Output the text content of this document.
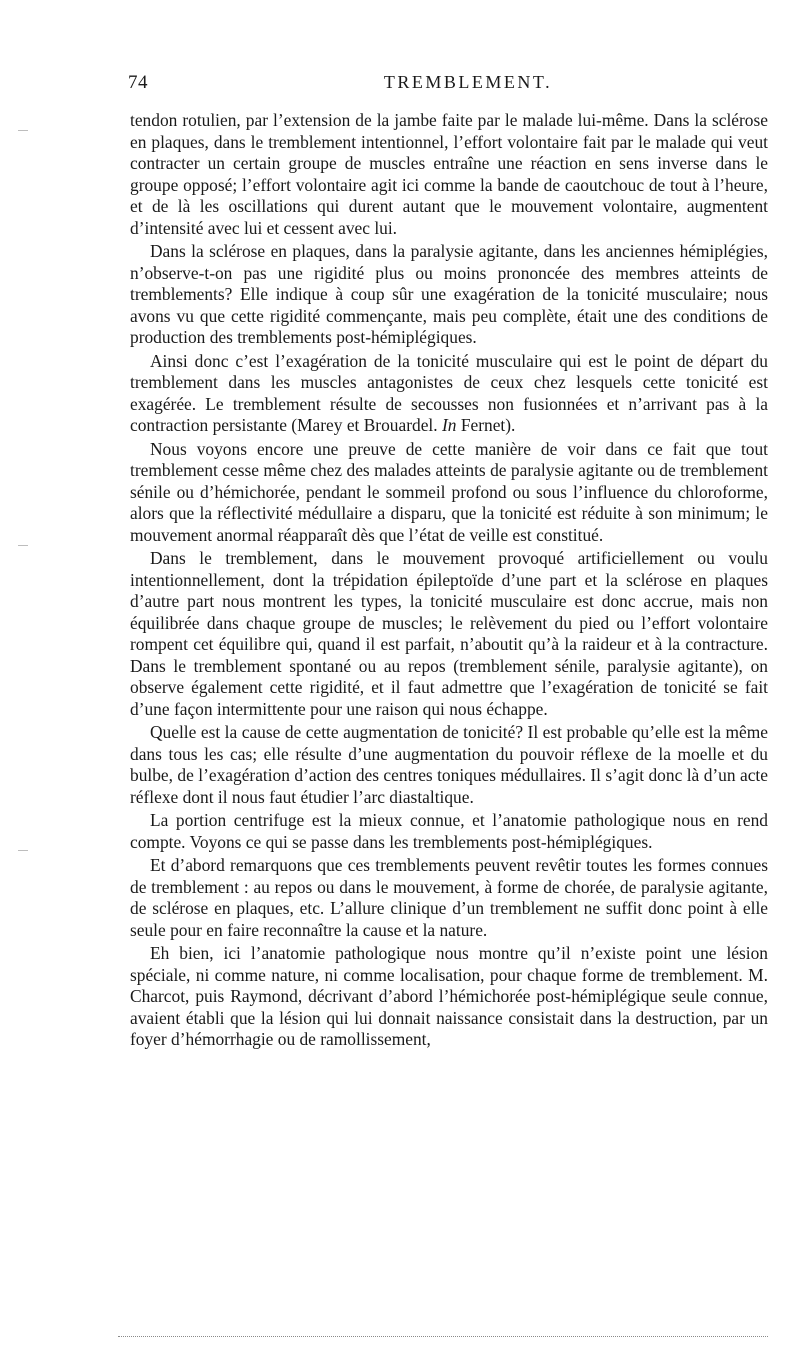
74	TREMBLEMENT.

tendon rotulien, par l’extension de la jambe faite par le malade lui-même. Dans la sclérose en plaques, dans le tremblement intentionnel, l’effort volontaire fait par le malade qui veut contracter un certain groupe de muscles entraîne une réaction en sens inverse dans le groupe opposé; l’effort volontaire agit ici comme la bande de caoutchouc de tout à l’heure, et de là les oscillations qui durent autant que le mouvement volontaire, augmentent d’intensité avec lui et cessent avec lui.

Dans la sclérose en plaques, dans la paralysie agitante, dans les anciennes hémiplégies, n’observe-t-on pas une rigidité plus ou moins prononcée des membres atteints de tremblements? Elle indique à coup sûr une exagération de la tonicité musculaire; nous avons vu que cette rigidité commençante, mais peu complète, était une des conditions de production des tremblements post-hémiplégiques.

Ainsi donc c’est l’exagération de la tonicité musculaire qui est le point de départ du tremblement dans les muscles antagonistes de ceux chez lesquels cette tonicité est exagérée. Le tremblement résulte de secousses non fusionnées et n’arrivant pas à la contraction persistante (Marey et Brouardel. In Fernet).

Nous voyons encore une preuve de cette manière de voir dans ce fait que tout tremblement cesse même chez des malades atteints de paralysie agitante ou de tremblement sénile ou d’hémichorée, pendant le sommeil profond ou sous l’influence du chloroforme, alors que la réflectivité médullaire a disparu, que la tonicité est réduite à son minimum; le mouvement anormal réapparaît dès que l’état de veille est constitué.

Dans le tremblement, dans le mouvement provoqué artificiellement ou voulu intentionnellement, dont la trépidation épileptoïde d’une part et la sclérose en plaques d’autre part nous montrent les types, la tonicité musculaire est donc accrue, mais non équilibrée dans chaque groupe de muscles; le relèvement du pied ou l’effort volontaire rompent cet équilibre qui, quand il est parfait, n’aboutit qu’à la raideur et à la contracture. Dans le tremblement spontané ou au repos (tremblement sénile, paralysie agitante), on observe également cette rigidité, et il faut admettre que l’exagération de tonicité se fait d’une façon intermittente pour une raison qui nous échappe.

Quelle est la cause de cette augmentation de tonicité? Il est probable qu’elle est la même dans tous les cas; elle résulte d’une augmentation du pouvoir réflexe de la moelle et du bulbe, de l’exagération d’action des centres toniques médullaires. Il s’agit donc là d’un acte réflexe dont il nous faut étudier l’arc diastaltique.

La portion centrifuge est la mieux connue, et l’anatomie pathologique nous en rend compte. Voyons ce qui se passe dans les tremblements post-hémiplégiques.

Et d’abord remarquons que ces tremblements peuvent revêtir toutes les formes connues de tremblement : au repos ou dans le mouvement, à forme de chorée, de paralysie agitante, de sclérose en plaques, etc. L’allure clinique d’un tremblement ne suffit donc point à elle seule pour en faire reconnaître la cause et la nature.

Eh bien, ici l’anatomie pathologique nous montre qu’il n’existe point une lésion spéciale, ni comme nature, ni comme localisation, pour chaque forme de tremblement. M. Charcot, puis Raymond, décrivant d’abord l’hémichorée post-hémiplégique seule connue, avaient établi que la lésion qui lui donnait naissance consistait dans la destruction, par un foyer d’hémorrhagie ou de ramollissement,
